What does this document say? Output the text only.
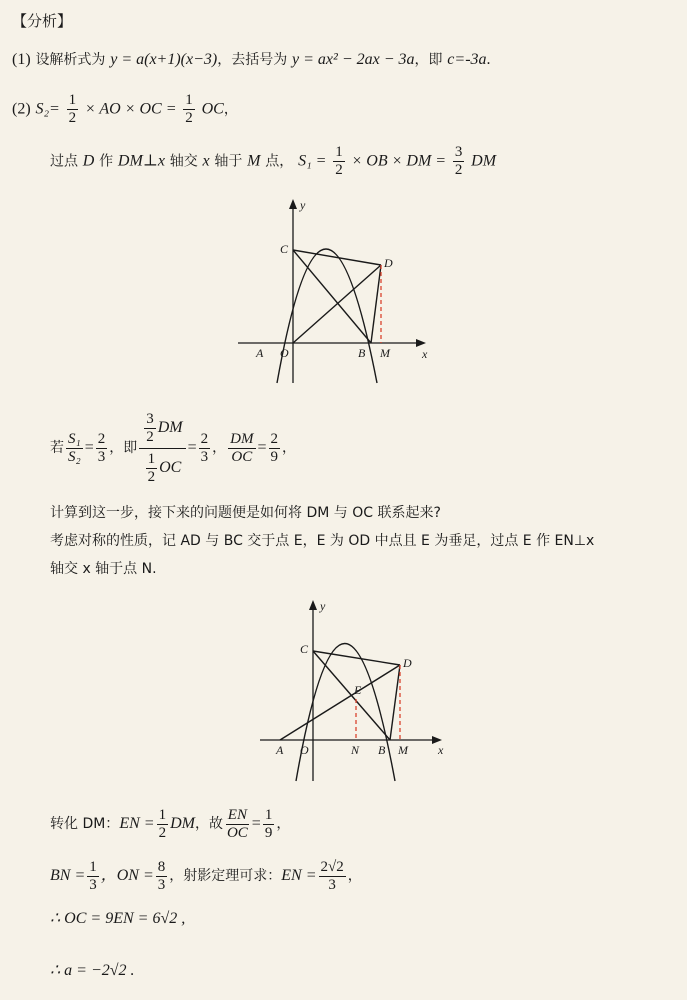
【分析】
(1) 设解析式为 y = a(x+1)(x−3)，去括号为 y = ax² − 2ax − 3a，即 c=-3a.
(2) $S_2= \frac{1}{2}$ × AO × OC = $\frac{1}{2}$ OC，
过点 D 作 DM⊥x 轴交 x 轴于 M 点， $S_1 = \frac{1}{2}$ × OB × DM = $\frac{3}{2}$ DM
y
x
C
D
A O	B M
若 $\frac{\text{S₁}}{\text{S₂}} = \frac{2}{3}$ ，即 $\frac{\frac{3}{2} DM}{\frac{1}{2} OC} = \frac{2}{3}$ ， $\frac{DM}{OC} = \frac{2}{9}$ ，
计算到这一步，接下来的问题便是如何将 DM 与 OC 联系起来?
考虑对称的性质，记 AD 与 BC 交于点 E，E 为 OD 中点且 E 为垂足，过点 E 作 EN⊥x
轴交 x 轴于点 N.
y
x
C
D
E
A O	N B M
转化 DM： EN = $\frac{1}{2}$ DM ，故 $\frac{EN}{OC} = \frac{1}{9}$ ，
BN = $\frac{1}{3}$ ，ON = $\frac{8}{3}$ ，射影定理可求： EN = $\frac{2√2}{3}$ ，
∴ OC = 9EN = 6√2 ,
∴ a = −2√2 .
